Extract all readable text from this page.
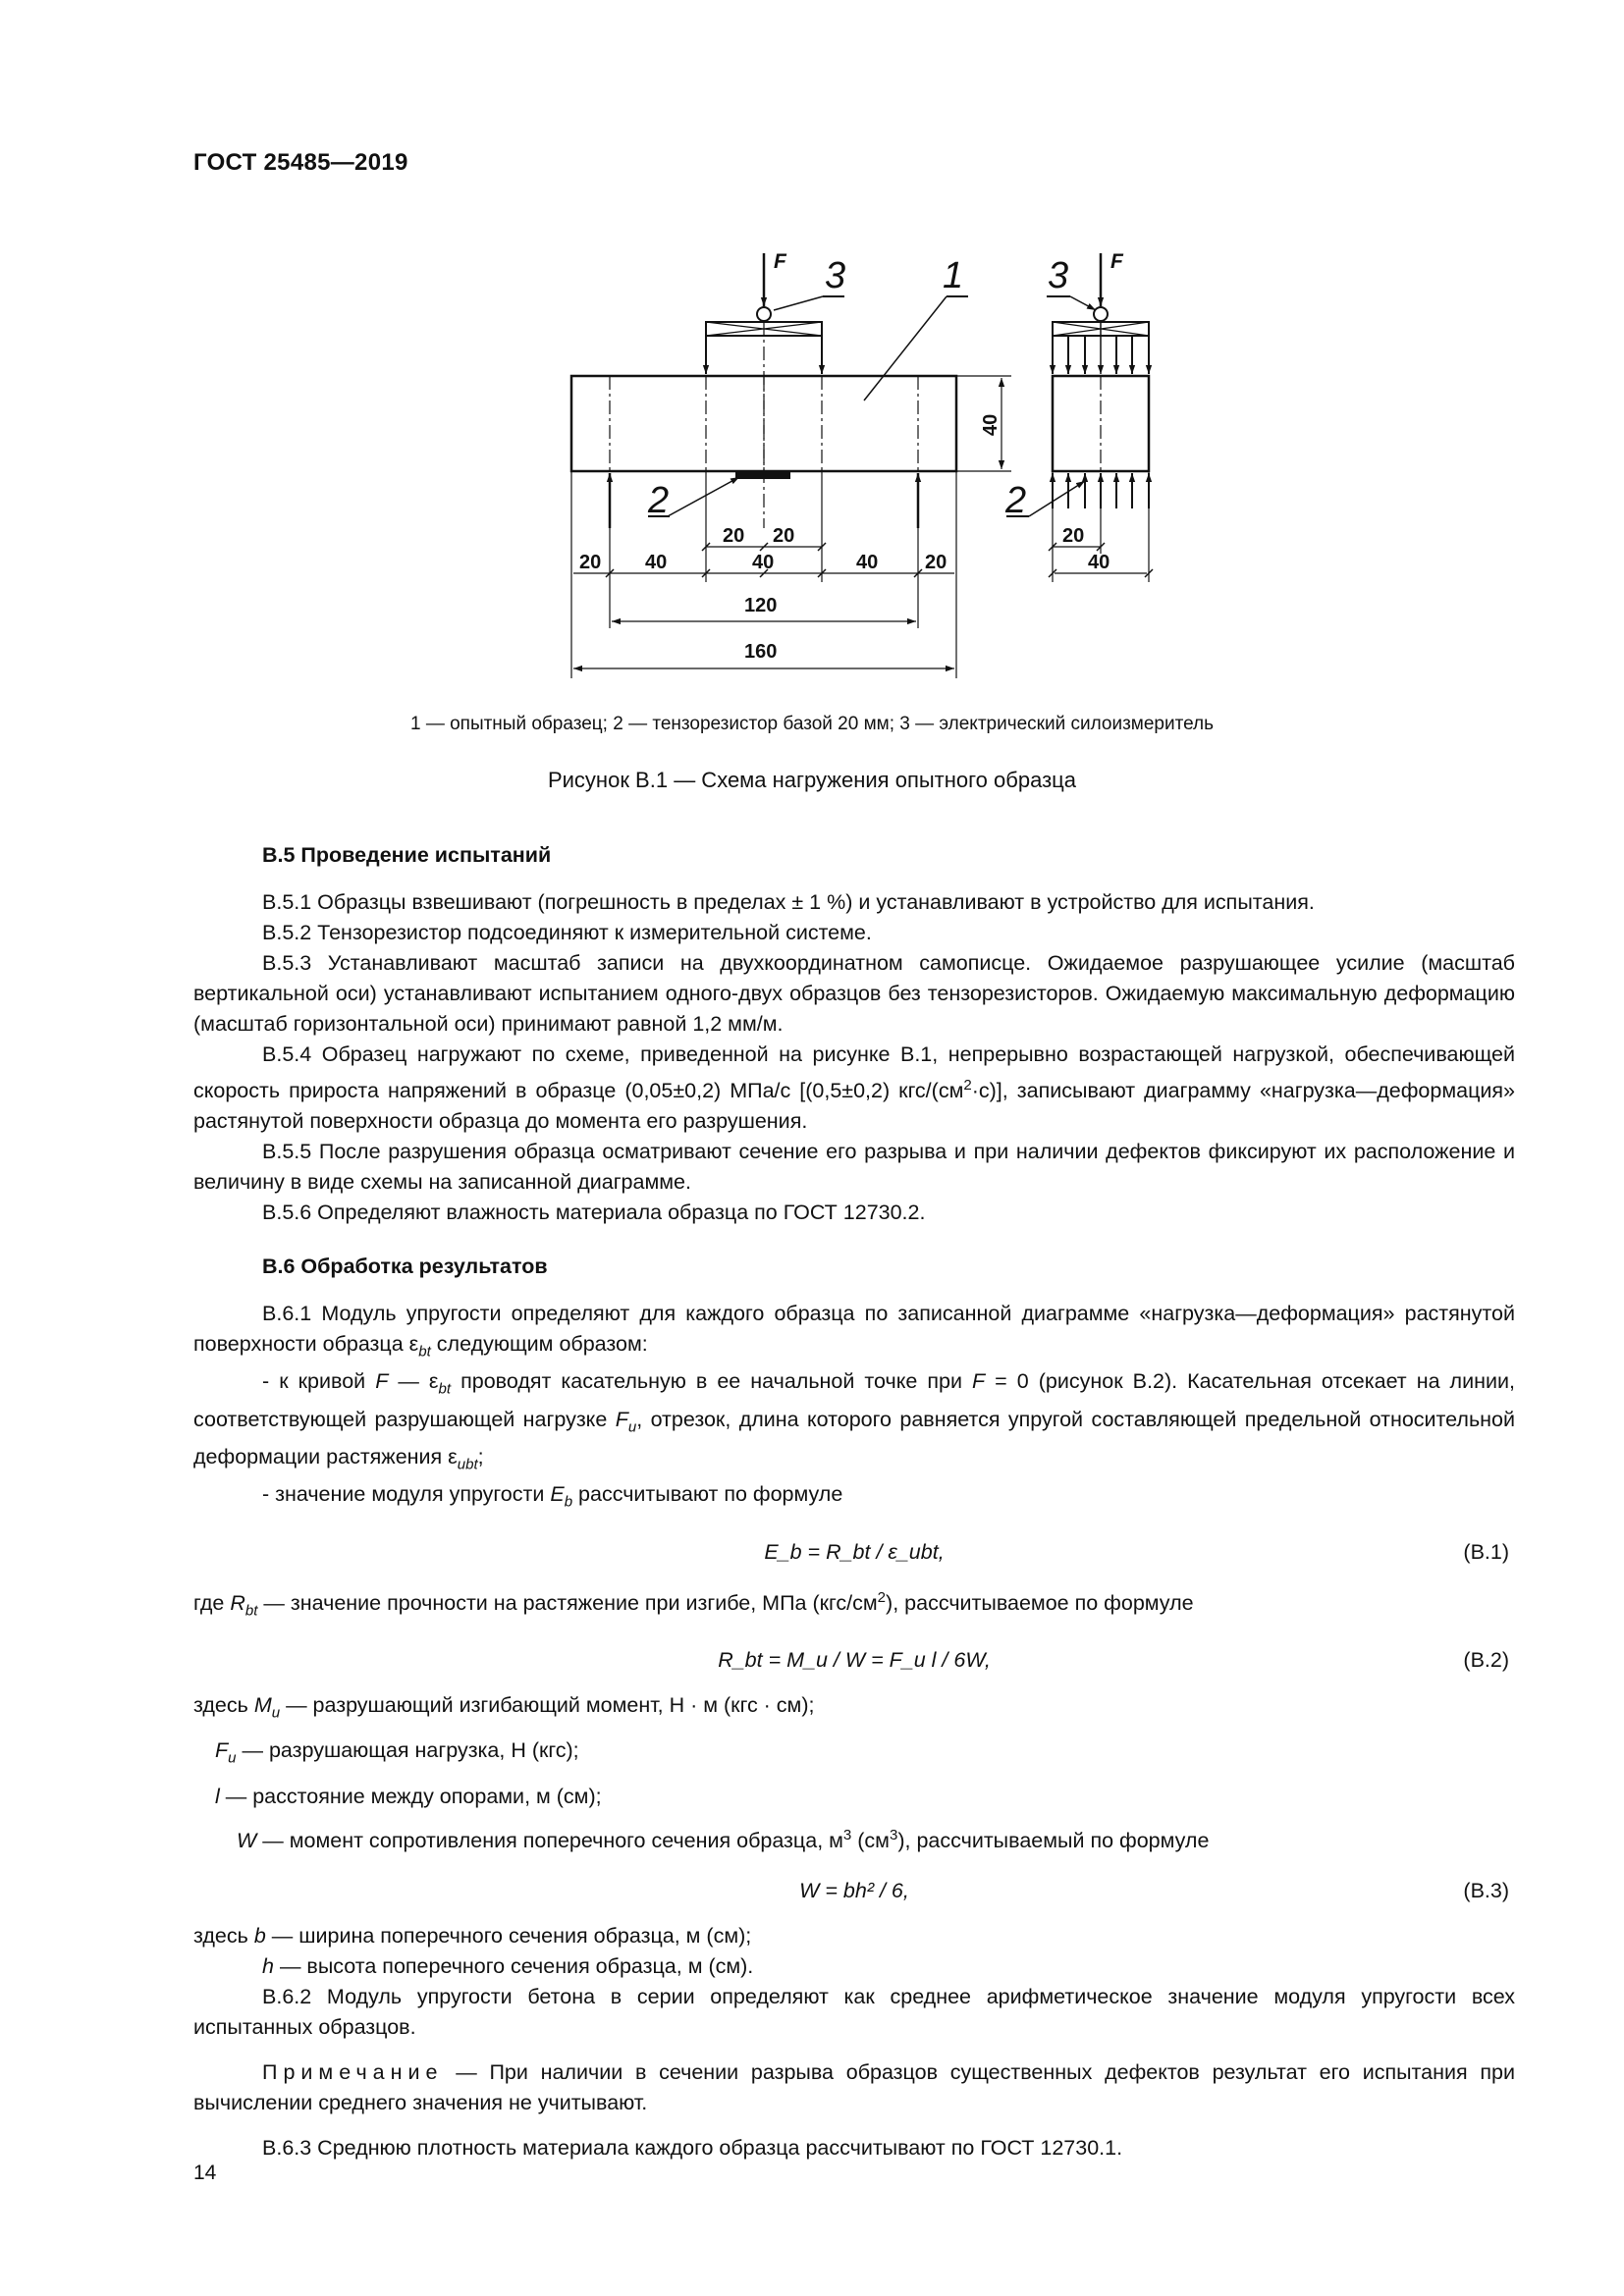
ГОСТ 25485—2019
F 3	1 3 F
2	2
40
20 20	20
40
20 40	40	40 20
120
160
1 — опытный образец; 2 — тензорезистор базой 20 мм; 3 — электрический силоизмеритель
Рисунок В.1 — Схема нагружения опытного образца
В.5 Проведение испытаний

В.5.1 Образцы взвешивают (погрешность в пределах ± 1 %) и устанавливают в устройство для испытания.

В.5.2 Тензорезистор подсоединяют к измерительной системе.

В.5.3 Устанавливают масштаб записи на двухкоординатном самописце. Ожидаемое разрушающее усилие (масштаб вертикальной оси) устанавливают испытанием одного-двух образцов без тензорезисторов. Ожидаемую максимальную деформацию (масштаб горизонтальной оси) принимают равной 1,2 мм/м.

В.5.4 Образец нагружают по схеме, приведенной на рисунке В.1, непрерывно возрастающей нагрузкой, обеспечивающей скорость прироста напряжений в образце (0,05±0,2) МПа/с [(0,5±0,2) кгс/$(см^2\cdot с)$], записывают диаграмму «нагрузка—деформация» растянутой поверхности образца до момента его разрушения.

В.5.5 После разрушения образца осматривают сечение его разрыва и при наличии дефектов фиксируют их расположение и величину в виде схемы на записанной диаграмме.

В.5.6 Определяют влажность материала образца по ГОСТ 12730.2.

В.6 Обработка результатов

В.6.1 Модуль упругости определяют для каждого образца по записанной диаграмме «нагрузка—деформация» растянутой поверхности образца $\varepsilon_{bt}$ следующим образом:

- к кривой F — $\varepsilon_{bt}$ проводят касательную в ее начальной точке при F = 0 (рисунок В.2). Касательная отсекает на линии, соответствующей разрушающей нагрузке $F_u$, отрезок, длина которого равняется упругой составляющей предельной относительной деформации растяжения $\varepsilon_{ubt}$;

- значение модуля упругости $E_b$ рассчитывают по формуле

E_b = R_bt / ε_ubt,	(В.1)

где $R_{bt}$ — значение прочности на растяжение при изгибе, МПа $(кгс/см^2)$, рассчитываемое по формуле

R_bt = M_u / W = F_u l / 6W,	(В.2)

здесь $M_u$ — разрушающий изгибающий момент, Н · м (кгс · см);

$F_u$ — разрушающая нагрузка, Н (кгс);

l — расстояние между опорами, м (см);

W — момент сопротивления поперечного сечения образца, $м^3$ $(см^3)$, рассчитываемый по формуле

W = bh² / 6,	(В.3)

здесь b — ширина поперечного сечения образца, м (см);

h — высота поперечного сечения образца, м (см).

В.6.2 Модуль упругости бетона в серии определяют как среднее арифметическое значение модуля упругости всех испытанных образцов.

Примечание — При наличии в сечении разрыва образцов существенных дефектов результат его испытания при вычислении среднего значения не учитывают.

В.6.3 Среднюю плотность материала каждого образца рассчитывают по ГОСТ 12730.1.

14
